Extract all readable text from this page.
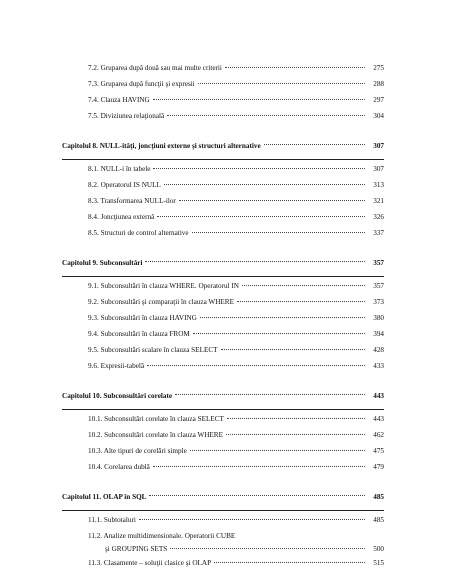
7.2. Gruparea după două sau mai multe criterii	275
7.3. Gruparea după funcţii şi expresii	288
7.4. Clauza HAVING	297
7.5. Diviziunea relaţională	304
Capitolul 8. NULL-ităţi, joncţiuni externe şi structuri alternative	307
8.1. NULL-i în tabele	307
8.2. Operatorul IS NULL	313
8.3. Transformarea NULL-ilor	321
8.4. Joncţiunea externă	326
8.5. Structuri de control alternative	337
Capitolul 9. Subconsultări	357
9.1. Subconsultări în clauza WHERE. Operatorul IN	357
9.2. Subconsultări şi comparaţii în clauza WHERE	373
9.3. Subconsultări în clauza HAVING	380
9.4. Subconsultări în clauza FROM	394
9.5. Subconsultări scalare în clauza SELECT	428
9.6. Expresii-tabelă	433
Capitolul 10. Subconsultări corelate	443
10.1. Subconsultări corelate în clauza SELECT	443
10.2. Subconsultări corelate în clauza WHERE	462
10.3. Alte tipuri de corelări simple	475
10.4. Corelarea dublă	479
Capitolul 11. OLAP în SQL	485
11.1. Subtotaluri	485
11.2. Analize multidimensionale. Operatorii CUBE
şi GROUPING SETS	500
11.3. Clasamente – soluţii clasice şi OLAP	515
